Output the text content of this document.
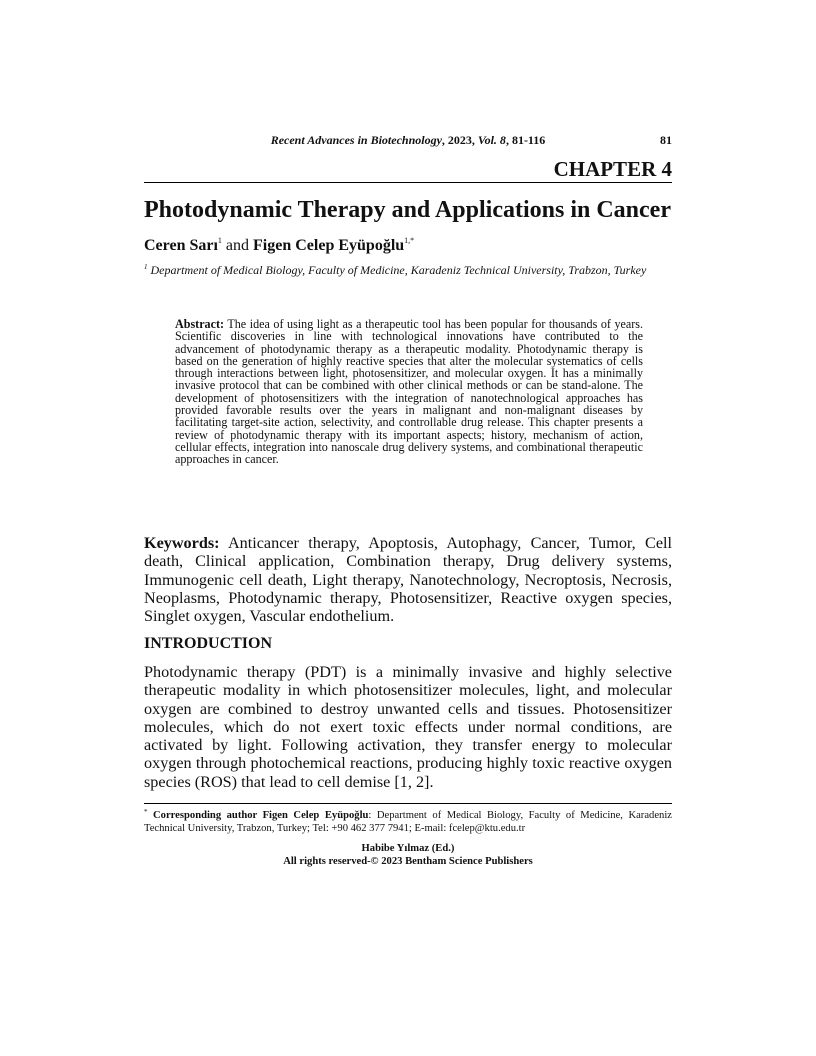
Recent Advances in Biotechnology, 2023, Vol. 8, 81-116	81
CHAPTER 4
Photodynamic Therapy and Applications in Cancer
Ceren Sarı$^1$ and Figen Celep Eyüpoğlu$^{1,*}$
$^1$ Department of Medical Biology, Faculty of Medicine, Karadeniz Technical University, Trabzon, Turkey
Abstract: The idea of using light as a therapeutic tool has been popular for thousands of years. Scientific discoveries in line with technological innovations have contributed to the advancement of photodynamic therapy as a therapeutic modality. Photodynamic therapy is based on the generation of highly reactive species that alter the molecular systematics of cells through interactions between light, photosensitizer, and molecular oxygen. It has a minimally invasive protocol that can be combined with other clinical methods or can be stand-alone. The development of photosensitizers with the integration of nanotechnological approaches has provided favorable results over the years in malignant and non-malignant diseases by facilitating target-site action, selectivity, and controllable drug release. This chapter presents a review of photodynamic therapy with its important aspects; history, mechanism of action, cellular effects, integration into nanoscale drug delivery systems, and combinational therapeutic approaches in cancer.
Keywords: Anticancer therapy, Apoptosis, Autophagy, Cancer, Tumor, Cell death, Clinical application, Combination therapy, Drug delivery systems, Immunogenic cell death, Light therapy, Nanotechnology, Necroptosis, Necrosis, Neoplasms, Photodynamic therapy, Photosensitizer, Reactive oxygen species, Singlet oxygen, Vascular endothelium.
INTRODUCTION
Photodynamic therapy (PDT) is a minimally invasive and highly selective therapeutic modality in which photosensitizer molecules, light, and molecular oxygen are combined to destroy unwanted cells and tissues. Photosensitizer molecules, which do not exert toxic effects under normal conditions, are activated by light. Following activation, they transfer energy to molecular oxygen through photochemical reactions, producing highly toxic reactive oxygen species (ROS) that lead to cell demise [1, 2].
* Corresponding author Figen Celep Eyüpoğlu: Department of Medical Biology, Faculty of Medicine, Karadeniz Technical University, Trabzon, Turkey; Tel: +90 462 377 7941; E-mail: fcelep@ktu.edu.tr
Habibe Yılmaz (Ed.)
All rights reserved-© 2023 Bentham Science Publishers
